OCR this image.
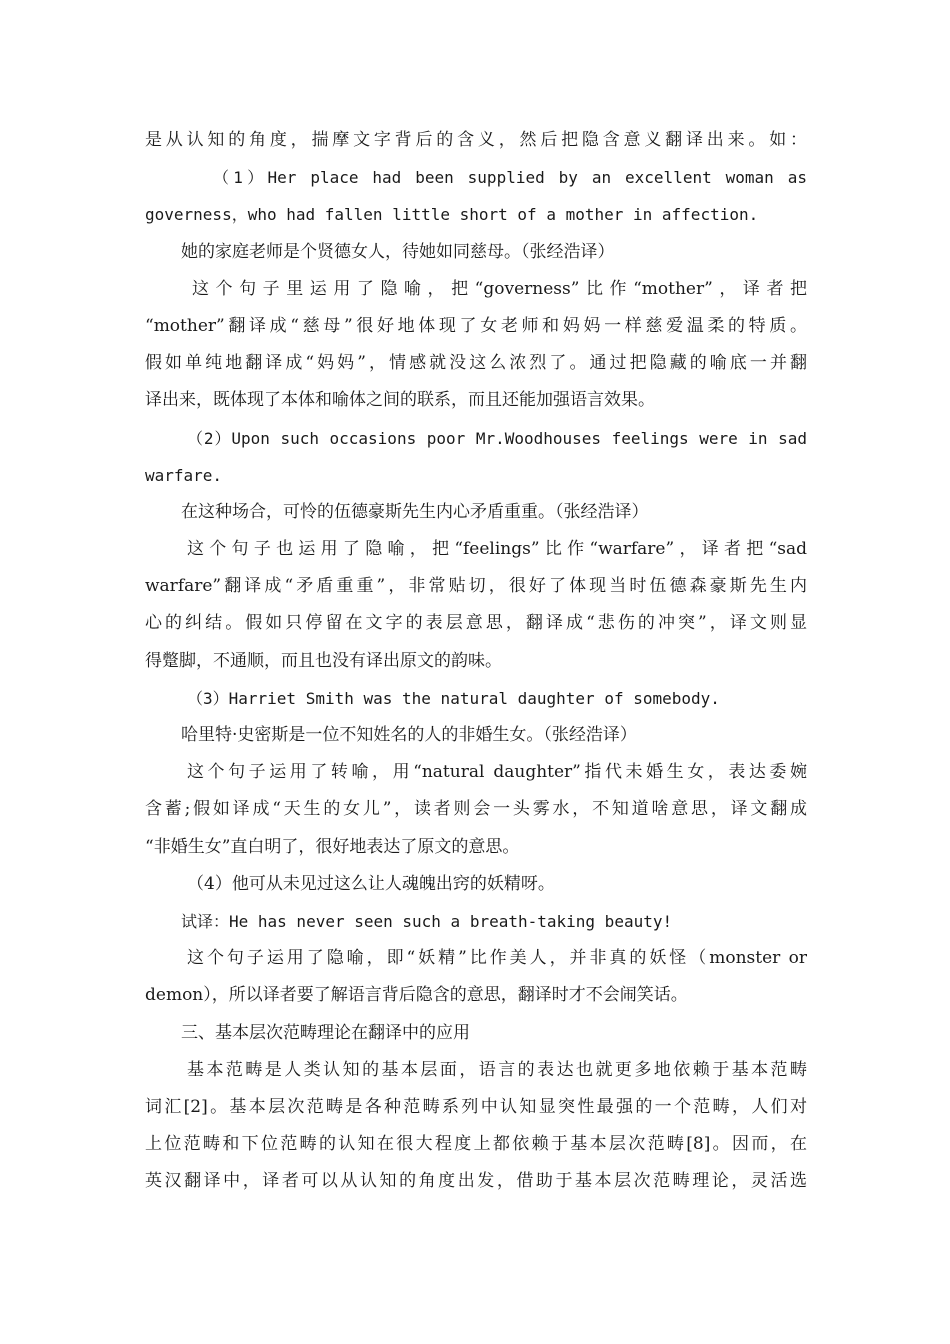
是从认知的角度，揣摩文字背后的含义，然后把隐含意义翻译出来。如：
（1）Her place had been supplied by an excellent woman as
governess，who had fallen little short of a mother in affection.
她的家庭老师是个贤德女人，待她如同慈母。（张经浩译）
这个句子里运用了隐喻，把“governess”比作“mother”，译者把
“mother”翻译成“慈母”很好地体现了女老师和妈妈一样慈爱温柔的特质。
假如单纯地翻译成“妈妈”，情感就没这么浓烈了。通过把隐藏的喻底一并翻
译出来，既体现了本体和喻体之间的联系，而且还能加强语言效果。
（2）Upon such occasions poor Mr.Woodhouses feelings were in sad
warfare.
在这种场合，可怜的伍德豪斯先生内心矛盾重重。（张经浩译）
这个句子也运用了隐喻，把“feelings”比作“warfare”，译者把“sad
warfare”翻译成“矛盾重重”，非常贴切，很好了体现当时伍德森豪斯先生内
心的纠结。假如只停留在文字的表层意思，翻译成“悲伤的冲突”，译文则显
得蹩脚，不通顺，而且也没有译出原文的韵味。
（3）Harriet Smith was the natural daughter of somebody.
哈里特·史密斯是一位不知姓名的人的非婚生女。（张经浩译）
这个句子运用了转喻，用“natural daughter”指代未婚生女，表达委婉
含蓄;假如译成“天生的女儿”，读者则会一头雾水，不知道啥意思，译文翻成
“非婚生女”直白明了，很好地表达了原文的意思。
（4）他可从未见过这么让人魂魄出窍的妖精呀。
试译：He has never seen such a breath-taking beauty!
这个句子运用了隐喻，即“妖精”比作美人，并非真的妖怪（monster or
demon），所以译者要了解语言背后隐含的意思，翻译时才不会闹笑话。
三、基本层次范畴理论在翻译中的应用
基本范畴是人类认知的基本层面，语言的表达也就更多地依赖于基本范畴
词汇[2]。基本层次范畴是各种范畴系列中认知显突性最强的一个范畴，人们对
上位范畴和下位范畴的认知在很大程度上都依赖于基本层次范畴[8]。因而，在
英汉翻译中，译者可以从认知的角度出发，借助于基本层次范畴理论，灵活选
